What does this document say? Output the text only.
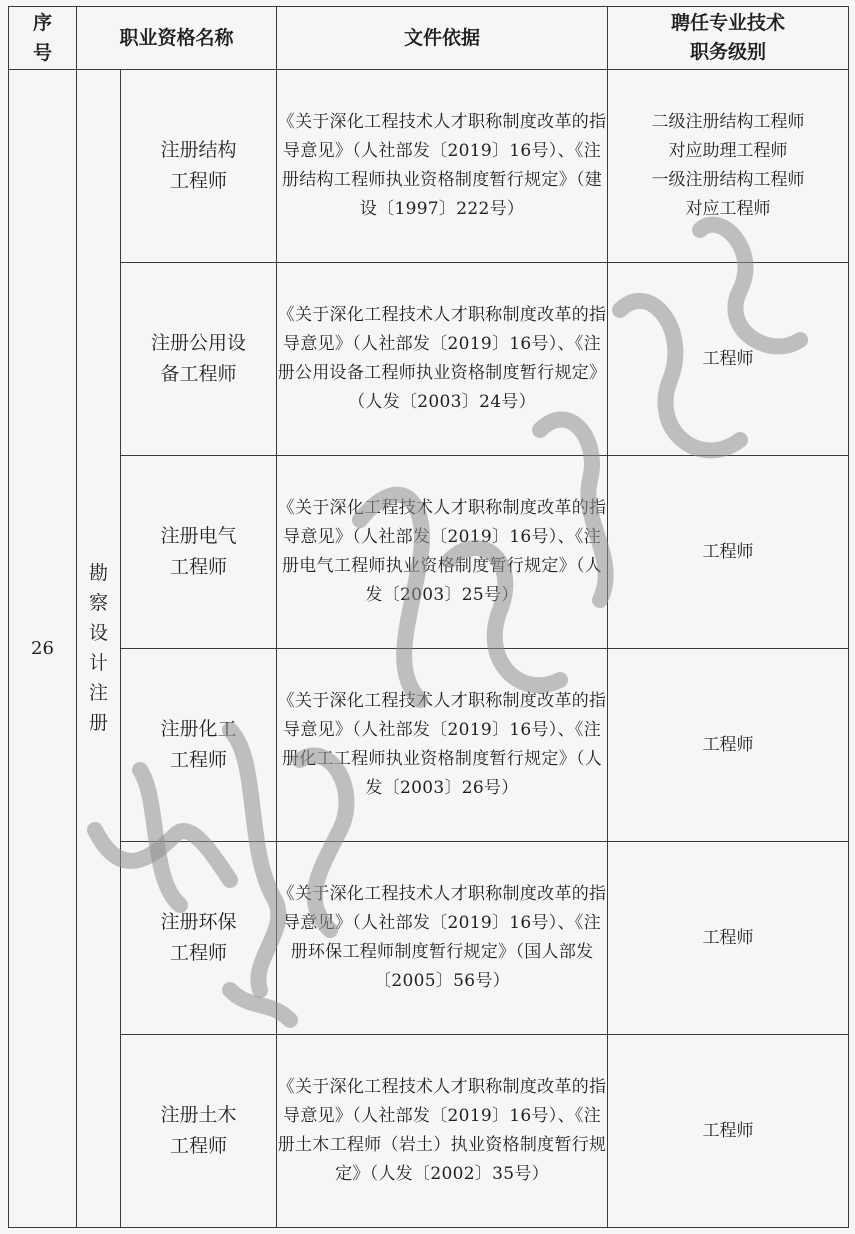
序号	职业资格名称		文件依据	聘任专业技术
职务级别

26	勘察设计注册	注册结构
工程师	《关于深化工程技术人才职称制度改革的指导意见》（人社部发〔2019〕16号）、《注册结构工程师执业资格制度暂行规定》（建设〔1997〕222号）	二级注册结构工程师
对应助理工程师
一级注册结构工程师
对应工程师

		注册公用设
备工程师	《关于深化工程技术人才职称制度改革的指导意见》（人社部发〔2019〕16号）、《注册公用设备工程师执业资格制度暂行规定》（人发〔2003〕24号）	工程师

		注册电气
工程师	《关于深化工程技术人才职称制度改革的指导意见》（人社部发〔2019〕16号）、《注册电气工程师执业资格制度暂行规定》（人发〔2003〕25号）	工程师

		注册化工
工程师	《关于深化工程技术人才职称制度改革的指导意见》（人社部发〔2019〕16号）、《注册化工工程师执业资格制度暂行规定》（人发〔2003〕26号）	工程师

		注册环保
工程师	《关于深化工程技术人才职称制度改革的指导意见》（人社部发〔2019〕16号）、《注册环保工程师制度暂行规定》（国人部发〔2005〕56号）	工程师

		注册土木
工程师	《关于深化工程技术人才职称制度改革的指导意见》（人社部发〔2019〕16号）、《注册土木工程师（岩土）执业资格制度暂行规定》（人发〔2002〕35号）	工程师
